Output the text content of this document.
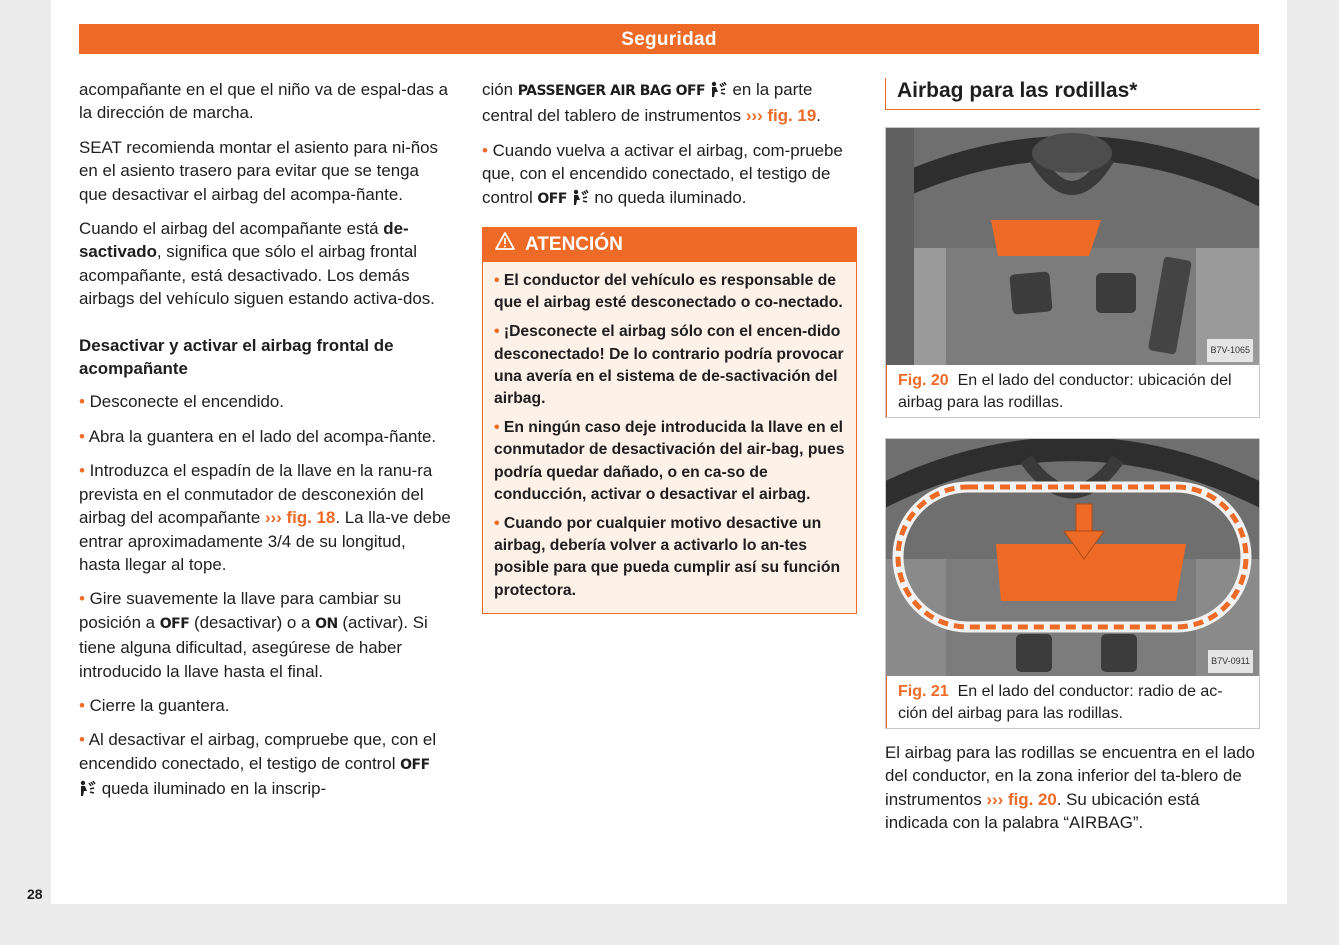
Seguridad
28

acompañante en el que el niño va de espal-das a la dirección de marcha.

SEAT recomienda montar el asiento para ni-ños en el asiento trasero para evitar que se tenga que desactivar el airbag del acompa-ñante.

Cuando el airbag del acompañante está de-sactivado, significa que sólo el airbag frontal acompañante, está desactivado. Los demás airbags del vehículo siguen estando activa-dos.

Desactivar y activar el airbag frontal de acompañante

• Desconecte el encendido.

• Abra la guantera en el lado del acompa-ñante.

• Introduzca el espadín de la llave en la ranu-ra prevista en el conmutador de desconexión del airbag del acompañante ››› fig. 18. La lla-ve debe entrar aproximadamente 3/4 de su longitud, hasta llegar al tope.

• Gire suavemente la llave para cambiar su posición a OFF (desactivar) o a ON (activar). Si tiene alguna dificultad, asegúrese de haber introducido la llave hasta el final.

• Cierre la guantera.

• Al desactivar el airbag, compruebe que, con el encendido conectado, el testigo de control OFF  queda iluminado en la inscrip-

ción PASSENGER AIR BAG OFF  en la parte central del tablero de instrumentos ››› fig. 19.

• Cuando vuelva a activar el airbag, com-pruebe que, con el encendido conectado, el testigo de control OFF  no queda iluminado.

ATENCIÓN

• El conductor del vehículo es responsable de que el airbag esté desconectado o co-nectado.

• ¡Desconecte el airbag sólo con el encen-dido desconectado! De lo contrario podría provocar una avería en el sistema de de-sactivación del airbag.

• En ningún caso deje introducida la llave en el conmutador de desactivación del air-bag, pues podría quedar dañado, o en ca-so de conducción, activar o desactivar el airbag.

• Cuando por cualquier motivo desactive un airbag, debería volver a activarlo lo an-tes posible para que pueda cumplir así su función protectora.

Airbag para las rodillas*
B7V-1065
Fig. 20 En el lado del conductor: ubicación del airbag para las rodillas.
B7V-0911
Fig. 21 En el lado del conductor: radio de ac-ción del airbag para las rodillas.

El airbag para las rodillas se encuentra en el lado del conductor, en la zona inferior del ta-blero de instrumentos ››› fig. 20. Su ubicación está indicada con la palabra “AIRBAG”.
